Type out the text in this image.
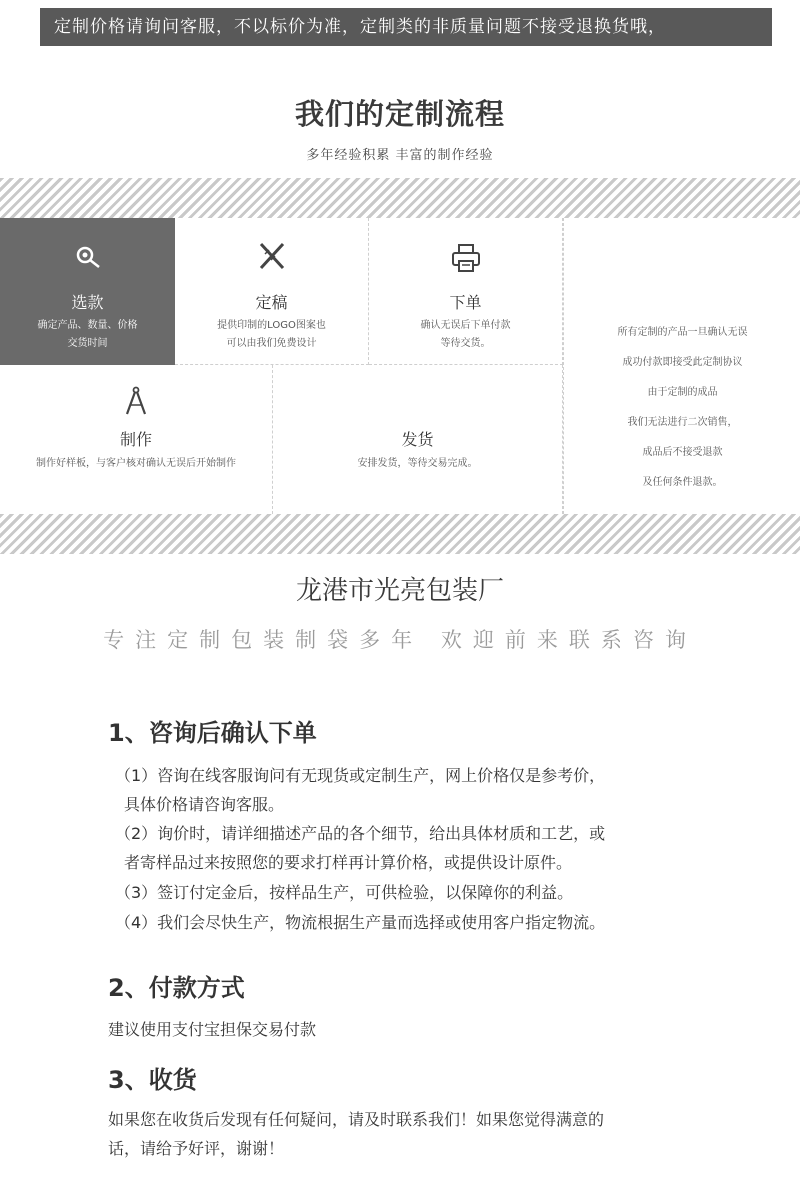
定制价格请询问客服，不以标价为准，定制类的非质量问题不接受退换货哦，
我们的定制流程
多年经验积累 丰富的制作经验
选款
确定产品、数量、价格
交货时间
定稿
提供印制的LOGO图案也
可以由我们免费设计
下单
确认无误后下单付款
等待交货。
制作
制作好样板，与客户核对确认无误后开始制作
发货
安排发货，等待交易完成。
所有定制的产品一旦确认无误
成功付款即接受此定制协议
由于定制的成品
我们无法进行二次销售，
成品后不接受退款
及任何条件退款。
龙港市光亮包装厂
专注定制包装制袋多年 欢迎前来联系咨询
1、咨询后确认下单
（1）咨询在线客服询问有无现货或定制生产，网上价格仅是参考价，
具体价格请咨询客服。
（2）询价时，请详细描述产品的各个细节，给出具体材质和工艺，或
者寄样品过来按照您的要求打样再计算价格，或提供设计原件。
（3）签订付定金后，按样品生产，可供检验，以保障你的利益。
（4）我们会尽快生产，物流根据生产量而选择或使用客户指定物流。
2、付款方式
建议使用支付宝担保交易付款
3、收货
如果您在收货后发现有任何疑问，请及时联系我们！如果您觉得满意的
话，请给予好评，谢谢！
